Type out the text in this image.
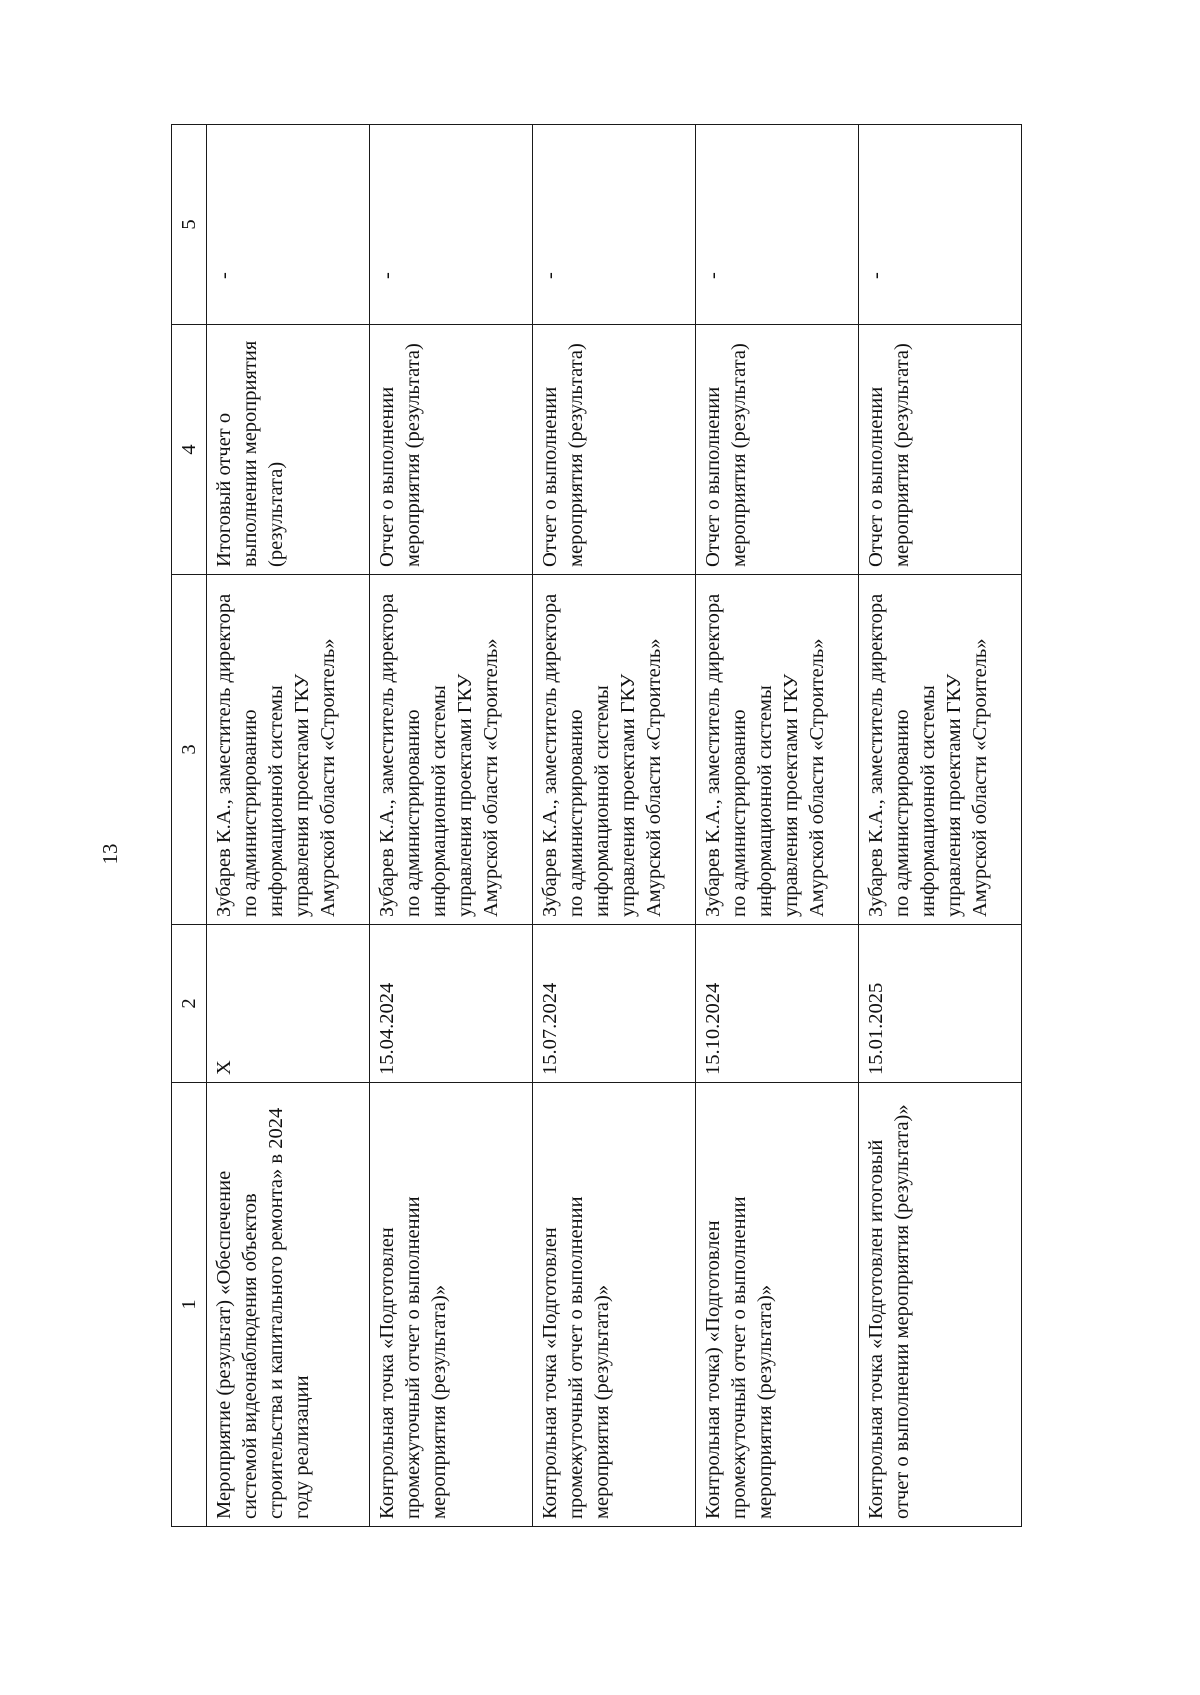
13
1	2	3	4	5
Мероприятие (результат) «Обеспечение системой видеонаблюдения объектов строительства и капитального ремонта» в 2024 году реализации	Х	Зубарев К.А., заместитель директора по администрированию информационной системы управления проектами ГКУ Амурской области «Строитель»	Итоговый отчет о выполнении мероприятия (результата)	-

Контрольная точка «Подготовлен промежуточный отчет о выполнении мероприятия (результата)»	15.04.2024	Зубарев К.А., заместитель директора по администрированию информационной системы управления проектами ГКУ Амурской области «Строитель»	Отчет о выполнении мероприятия (результата)	-

Контрольная точка «Подготовлен промежуточный отчет о выполнении мероприятия (результата)»	15.07.2024	Зубарев К.А., заместитель директора по администрированию информационной системы управления проектами ГКУ Амурской области «Строитель»	Отчет о выполнении мероприятия (результата)	-

Контрольная точка) «Подготовлен промежуточный отчет о выполнении мероприятия (результата)»	15.10.2024	Зубарев К.А., заместитель директора по администрированию информационной системы управления проектами ГКУ Амурской области «Строитель»	Отчет о выполнении мероприятия (результата)	-

Контрольная точка «Подготовлен итоговый отчет о выполнении мероприятия (результата)»	15.01.2025	Зубарев К.А., заместитель директора по администрированию информационной системы управления проектами ГКУ Амурской области «Строитель»	Отчет о выполнении мероприятия (результата)	-
